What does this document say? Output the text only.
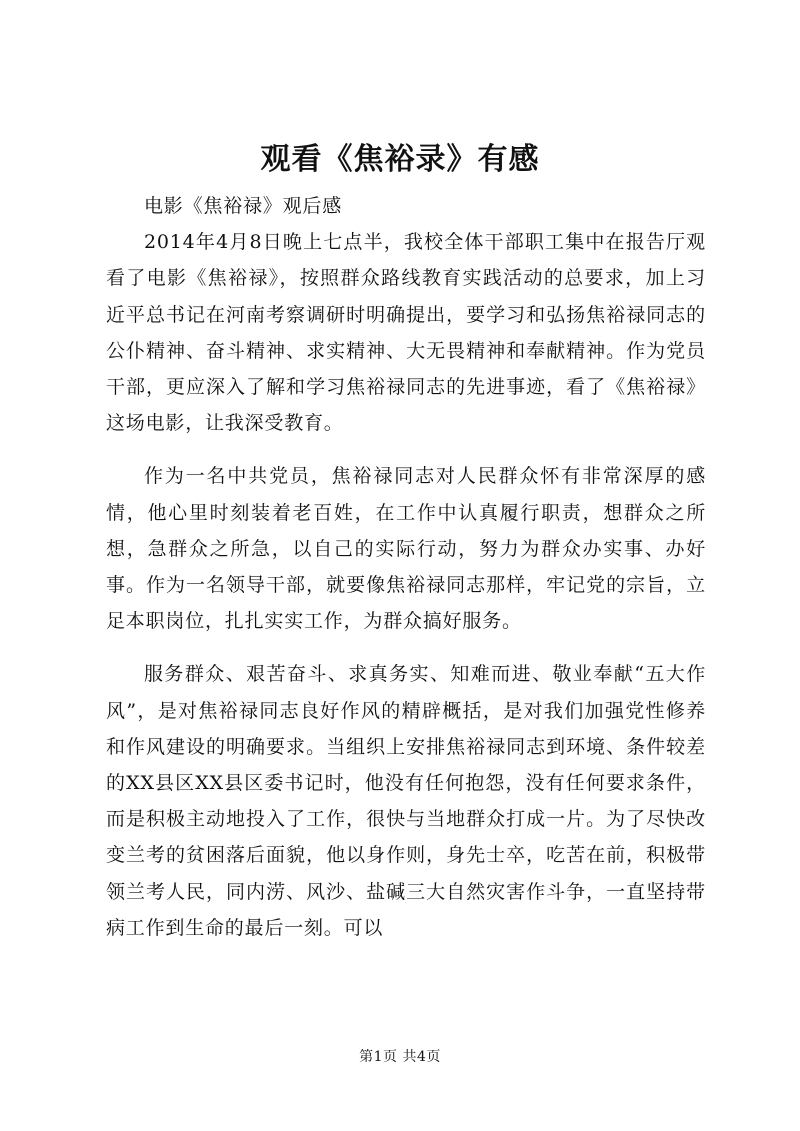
观看《焦裕录》有感

电影《焦裕禄》观后感

2014年4月8日晚上七点半，我校全体干部职工集中在报告厅观看了电影《焦裕禄》，按照群众路线教育实践活动的总要求，加上习近平总书记在河南考察调研时明确提出，要学习和弘扬焦裕禄同志的公仆精神、奋斗精神、求实精神、大无畏精神和奉献精神。作为党员干部，更应深入了解和学习焦裕禄同志的先进事迹，看了《焦裕禄》这场电影，让我深受教育。

作为一名中共党员，焦裕禄同志对人民群众怀有非常深厚的感情，他心里时刻装着老百姓，在工作中认真履行职责，想群众之所想，急群众之所急，以自己的实际行动，努力为群众办实事、办好事。作为一名领导干部，就要像焦裕禄同志那样，牢记党的宗旨，立足本职岗位，扎扎实实工作，为群众搞好服务。

服务群众、艰苦奋斗、求真务实、知难而进、敬业奉献“五大作风”，是对焦裕禄同志良好作风的精辟概括，是对我们加强党性修养和作风建设的明确要求。当组织上安排焦裕禄同志到环境、条件较差的XX县区XX县区委书记时，他没有任何抱怨，没有任何要求条件，而是积极主动地投入了工作，很快与当地群众打成一片。为了尽快改变兰考的贫困落后面貌，他以身作则，身先士卒，吃苦在前，积极带领兰考人民，同内涝、风沙、盐碱三大自然灾害作斗争，一直坚持带病工作到生命的最后一刻。可以

第1页 共4页
